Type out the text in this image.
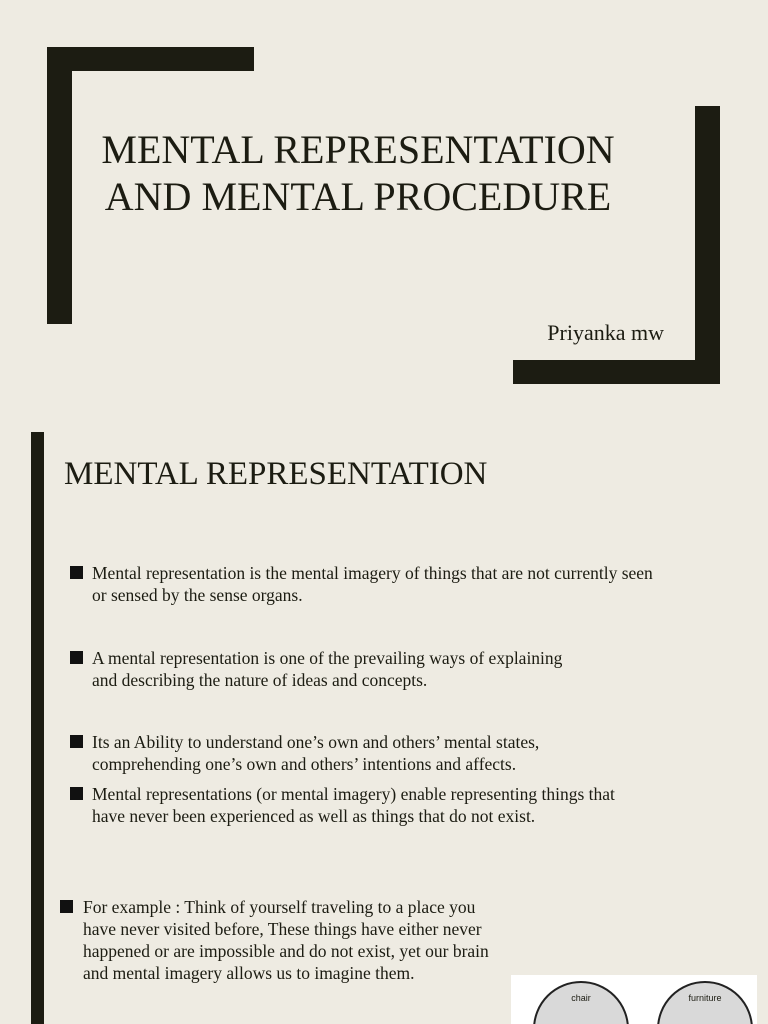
MENTAL REPRESENTATION AND MENTAL PROCEDURE

Priyanka mw

MENTAL REPRESENTATION
Mental representation is the mental imagery of things that are not currently seen or sensed by the sense organs.
A mental representation is one of the prevailing ways of explaining and describing the nature of ideas and concepts.
Its an Ability to understand one’s own and others’ mental states, comprehending one’s own and others’ intentions and affects.
Mental representations (or mental imagery) enable representing things that have never been experienced as well as things that do not exist.
For example : Think of yourself traveling to a place you have never visited before, These things have either never happened or are impossible and do not exist, yet our brain and mental imagery allows us to imagine them.
chair	furniture
